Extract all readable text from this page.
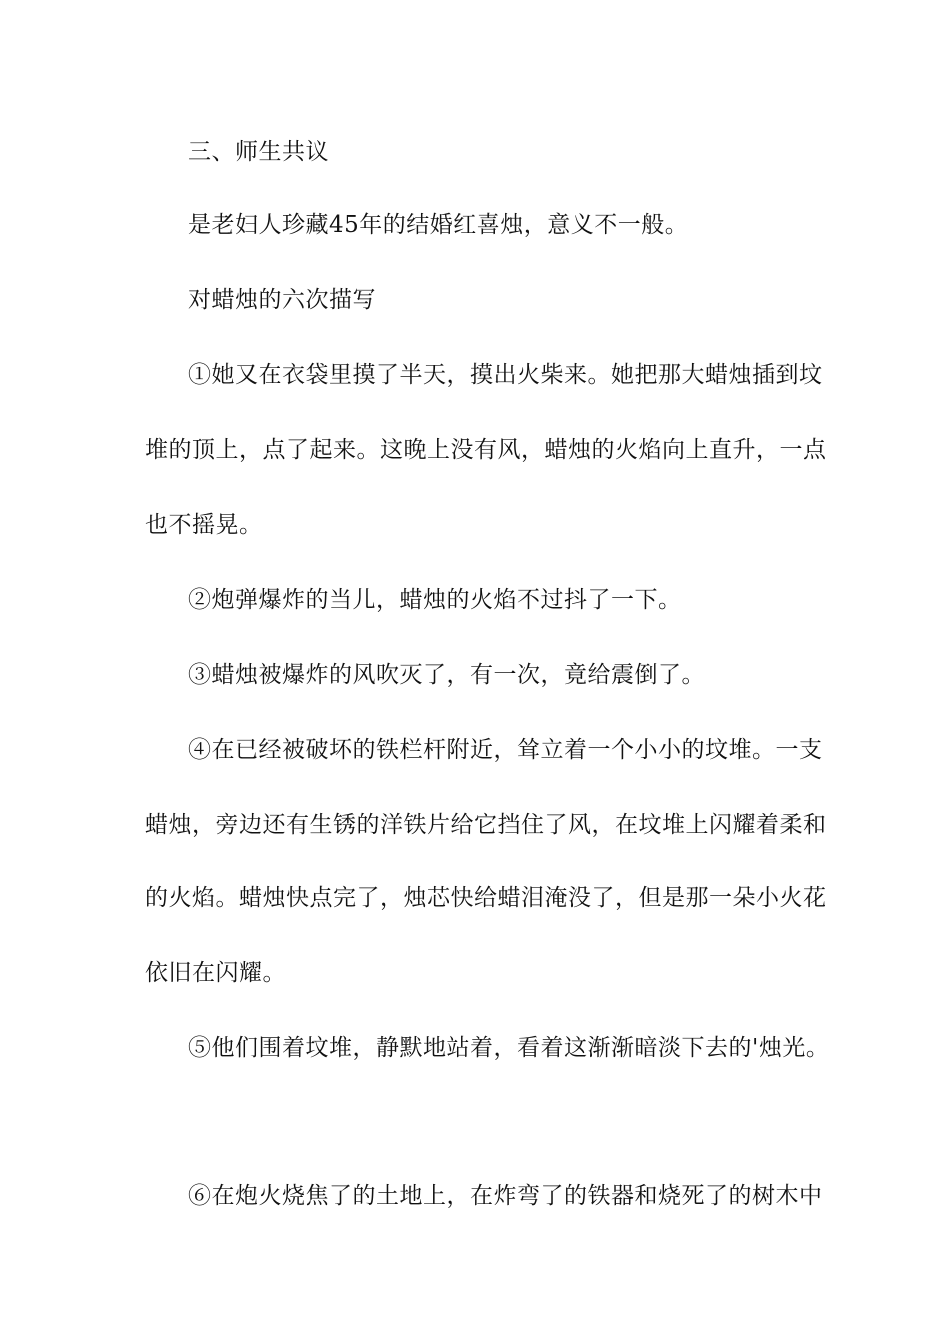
三、师生共议
是老妇人珍藏45年的结婚红喜烛，意义不一般。
对蜡烛的六次描写
①她又在衣袋里摸了半天，摸出火柴来。她把那大蜡烛插到坟
堆的顶上，点了起来。这晚上没有风，蜡烛的火焰向上直升，一点
也不摇晃。
②炮弹爆炸的当儿，蜡烛的火焰不过抖了一下。
③蜡烛被爆炸的风吹灭了，有一次，竟给震倒了。
④在已经被破坏的铁栏杆附近，耸立着一个小小的坟堆。一支
蜡烛，旁边还有生锈的洋铁片给它挡住了风，在坟堆上闪耀着柔和
的火焰。蜡烛快点完了，烛芯快给蜡泪淹没了，但是那一朵小火花
依旧在闪耀。
⑤他们围着坟堆，静默地站着，看着这渐渐暗淡下去的'烛光。
⑥在炮火烧焦了的土地上，在炸弯了的铁器和烧死了的树木中
